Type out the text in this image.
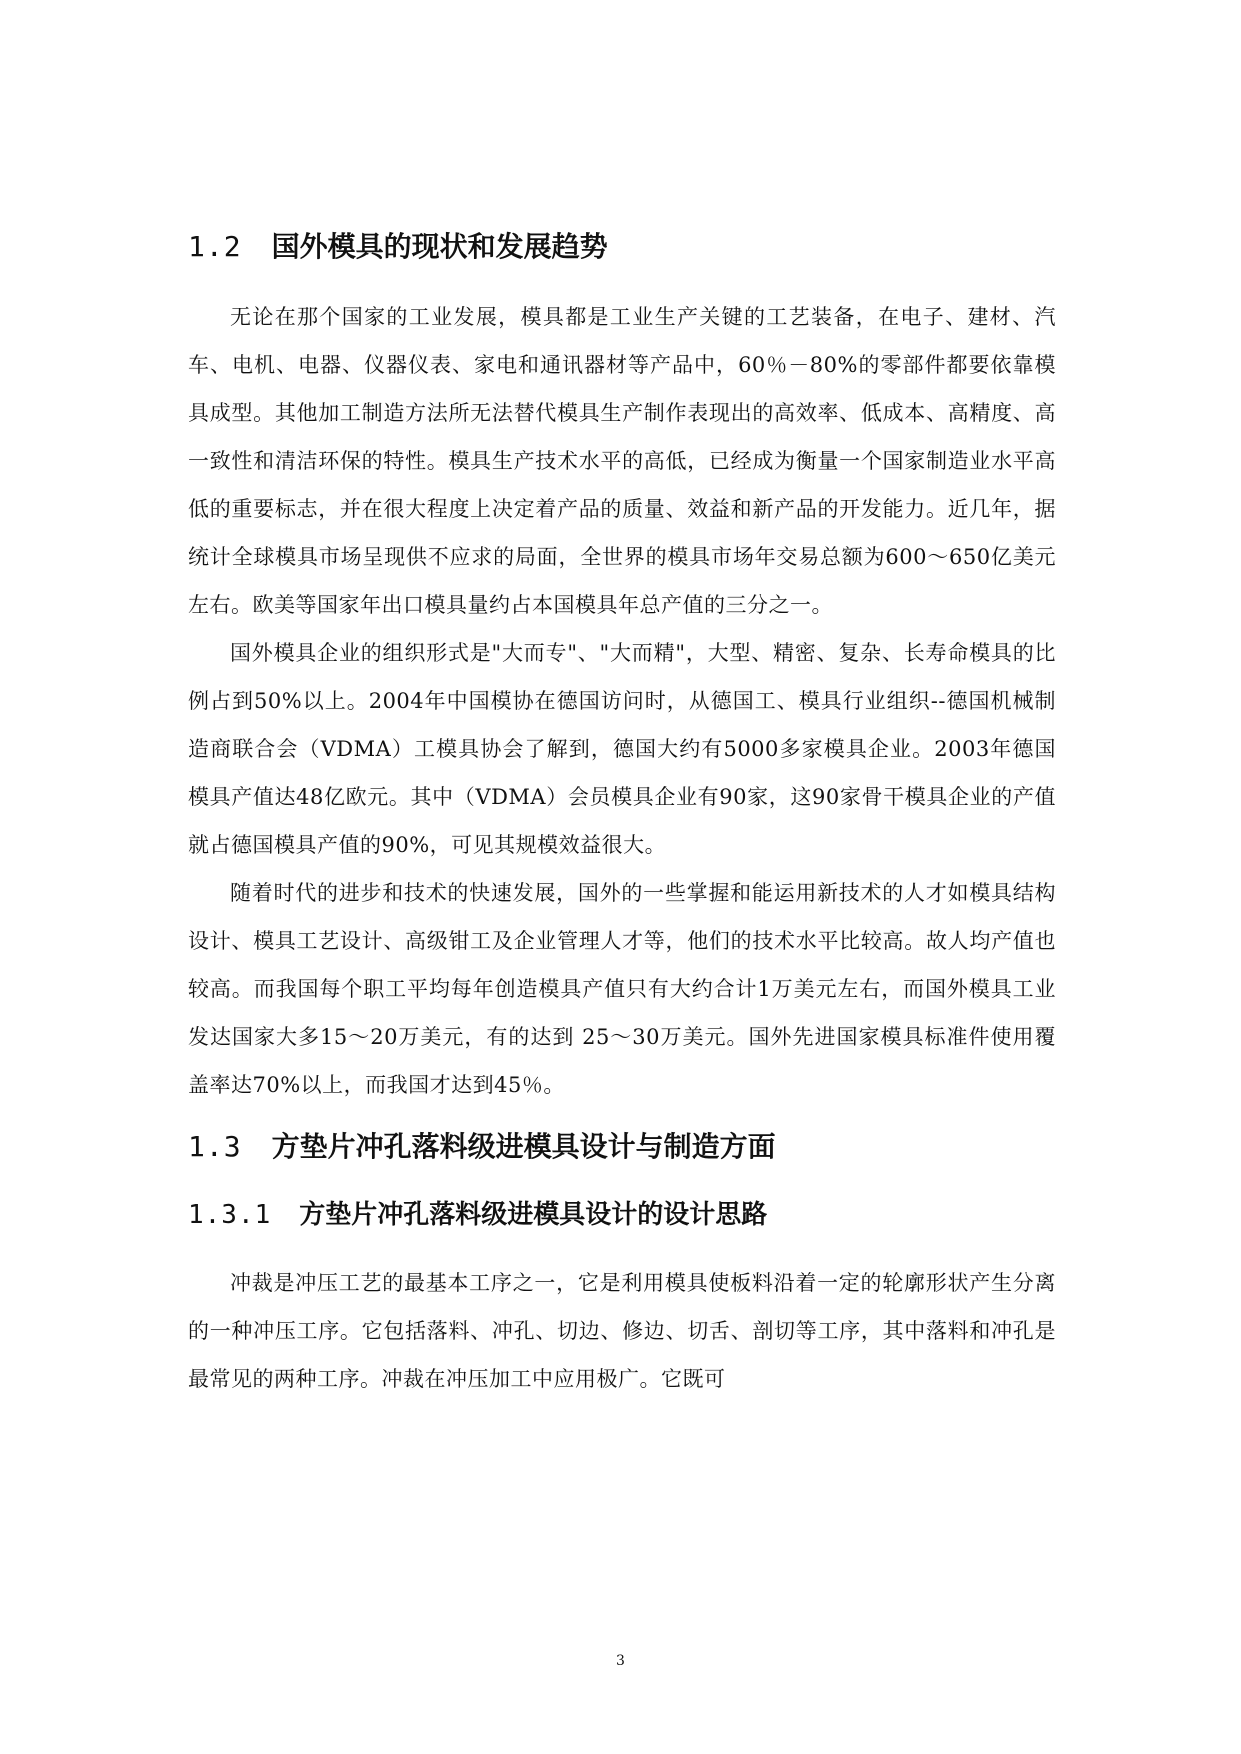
1.2 国外模具的现状和发展趋势

无论在那个国家的工业发展，模具都是工业生产关键的工艺装备，在电子、建材、汽车、电机、电器、仪器仪表、家电和通讯器材等产品中，60％－80%的零部件都要依靠模具成型。其他加工制造方法所无法替代模具生产制作表现出的高效率、低成本、高精度、高一致性和清洁环保的特性。模具生产技术水平的高低，已经成为衡量一个国家制造业水平高低的重要标志，并在很大程度上决定着产品的质量、效益和新产品的开发能力。近几年，据统计全球模具市场呈现供不应求的局面，全世界的模具市场年交易总额为600～650亿美元左右。欧美等国家年出口模具量约占本国模具年总产值的三分之一。

国外模具企业的组织形式是"大而专"、"大而精"，大型、精密、复杂、长寿命模具的比例占到50%以上。2004年中国模协在德国访问时，从德国工、模具行业组织--德国机械制造商联合会（VDMA）工模具协会了解到，德国大约有5000多家模具企业。2003年德国模具产值达48亿欧元。其中（VDMA）会员模具企业有90家，这90家骨干模具企业的产值就占德国模具产值的90%，可见其规模效益很大。

随着时代的进步和技术的快速发展，国外的一些掌握和能运用新技术的人才如模具结构设计、模具工艺设计、高级钳工及企业管理人才等，他们的技术水平比较高。故人均产值也较高。而我国每个职工平均每年创造模具产值只有大约合计1万美元左右，而国外模具工业发达国家大多15～20万美元，有的达到 25～30万美元。国外先进国家模具标准件使用覆盖率达70%以上，而我国才达到45％。

1.3 方垫片冲孔落料级进模具设计与制造方面
1.3.1 方垫片冲孔落料级进模具设计的设计思路

冲裁是冲压工艺的最基本工序之一，它是利用模具使板料沿着一定的轮廓形状产生分离的一种冲压工序。它包括落料、冲孔、切边、修边、切舌、剖切等工序，其中落料和冲孔是最常见的两种工序。冲裁在冲压加工中应用极广。它既可

3
